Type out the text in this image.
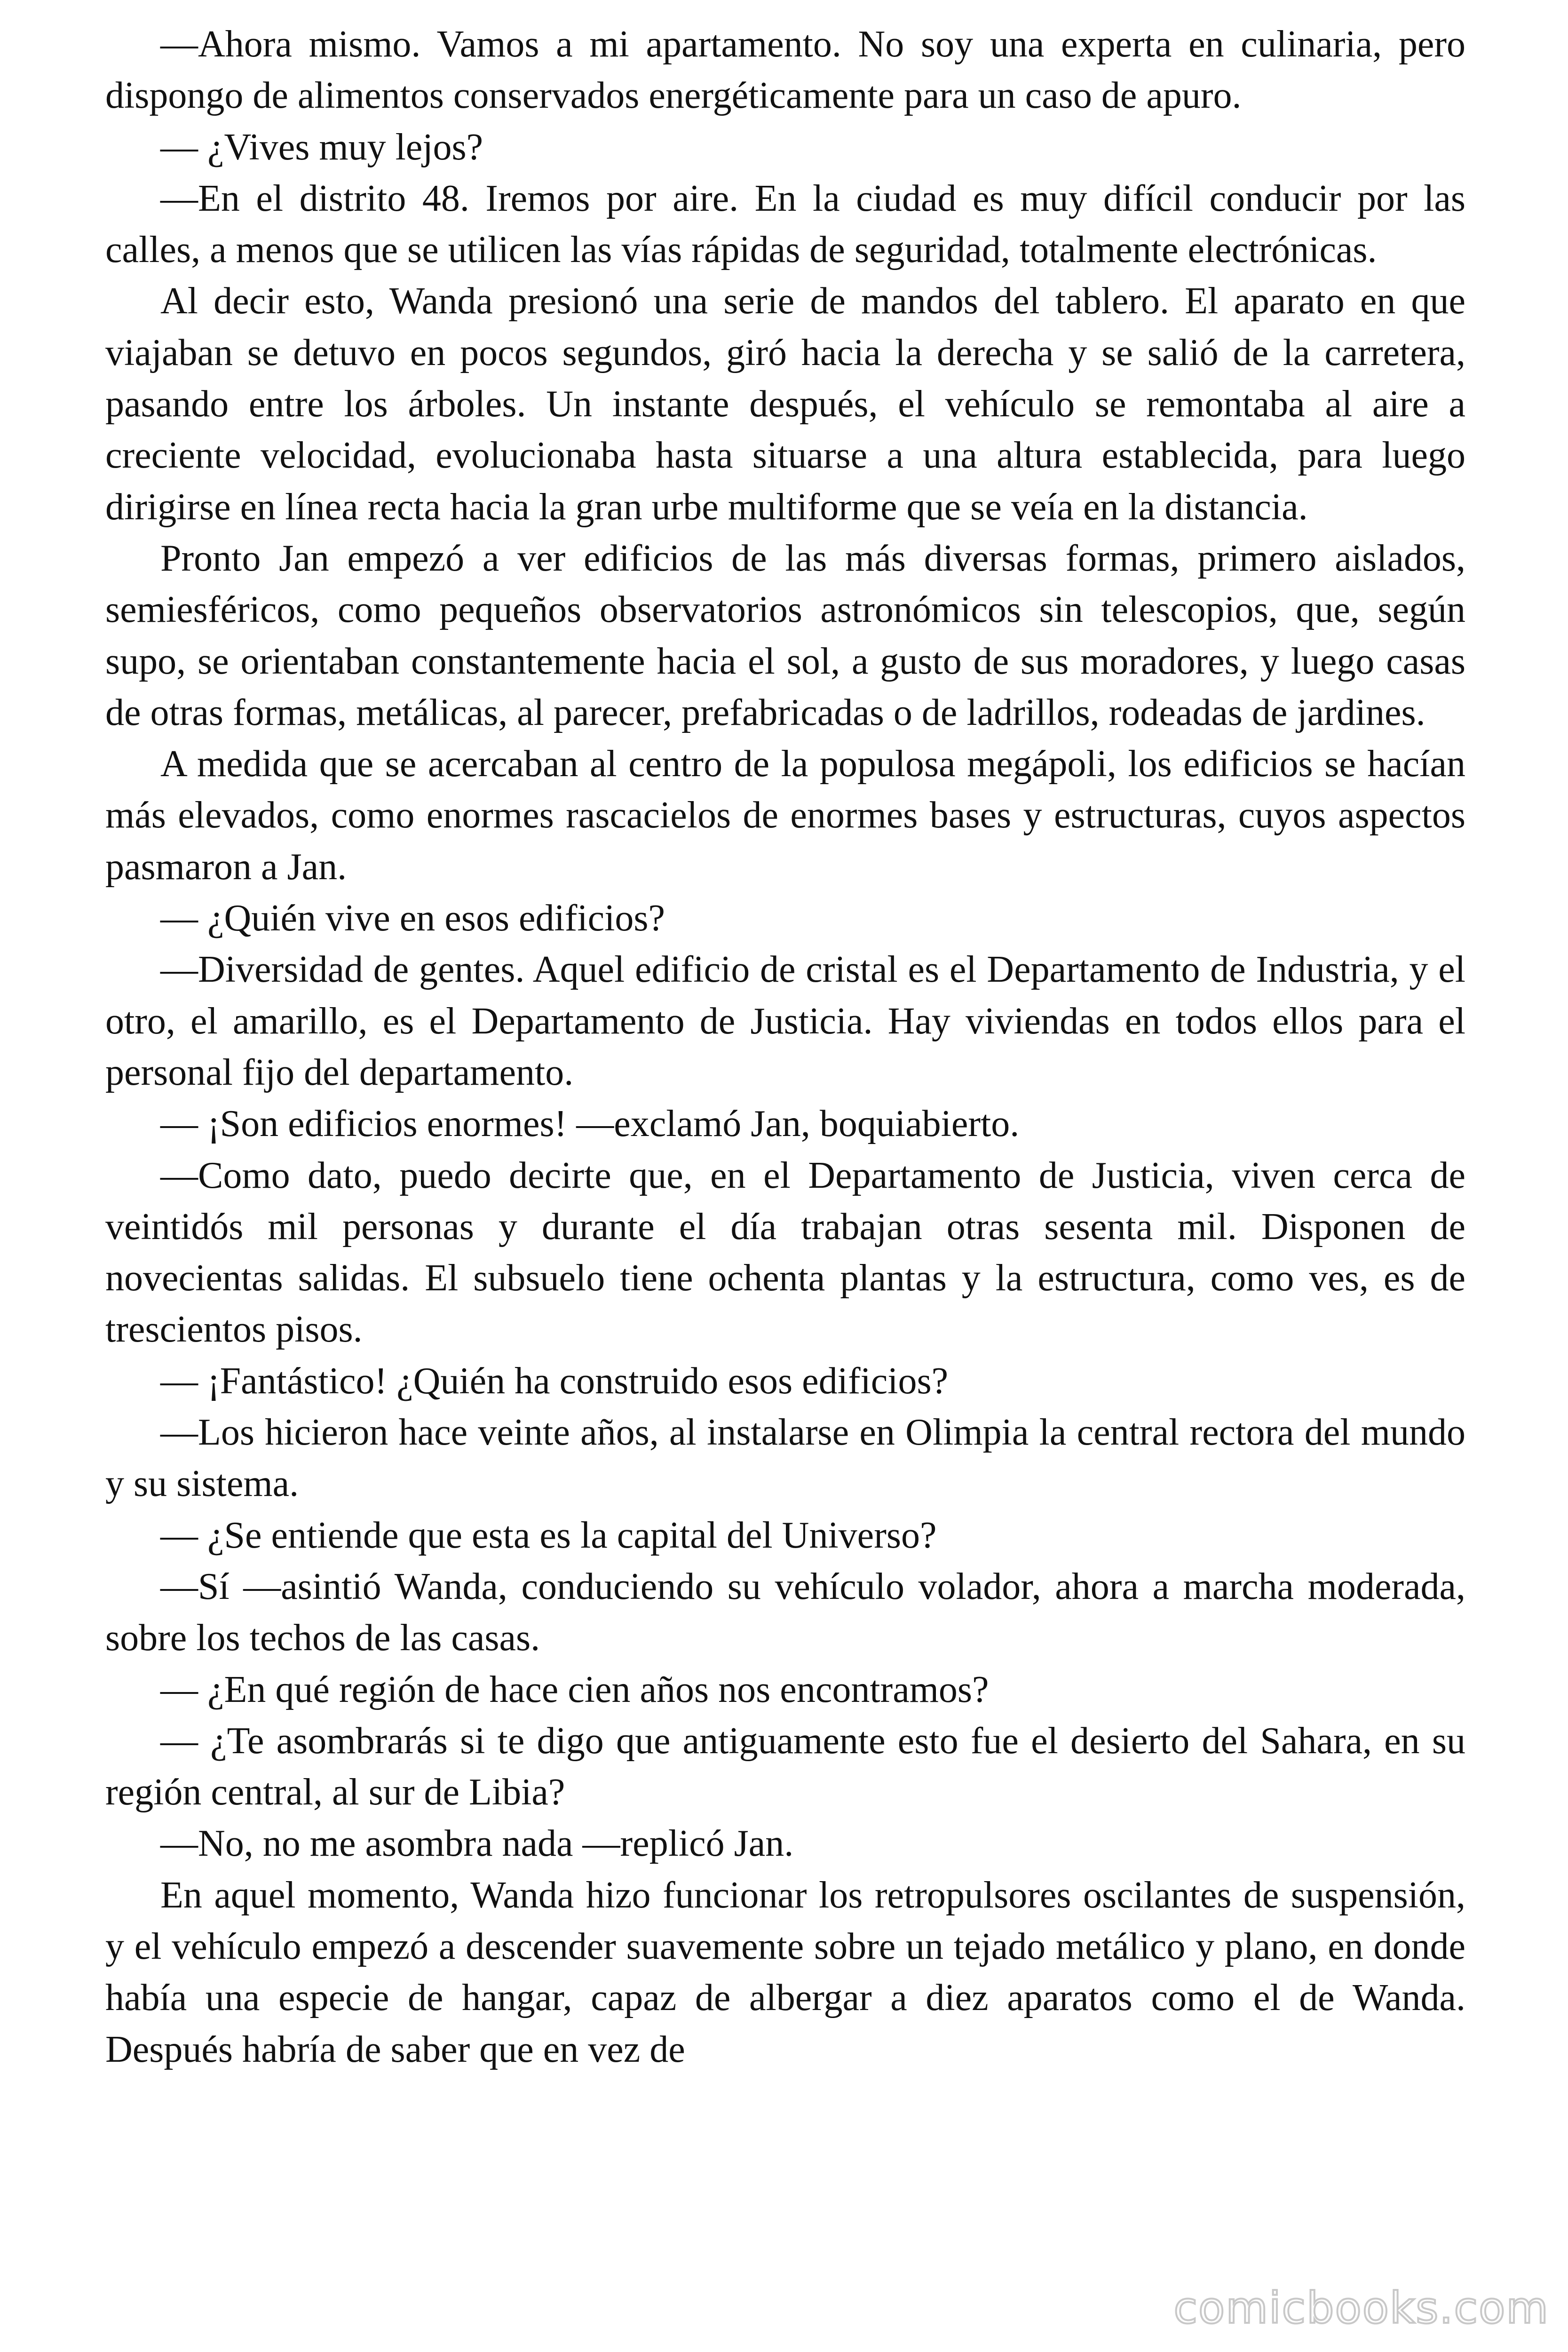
—Ahora mismo. Vamos a mi apartamento. No soy una experta en culinaria, pero dispongo de alimentos conservados energéticamente para un caso de apuro.

— ¿Vives muy lejos?

—En el distrito 48. Iremos por aire. En la ciudad es muy difícil conducir por las calles, a menos que se utilicen las vías rápidas de seguridad, totalmente electrónicas.

Al decir esto, Wanda presionó una serie de mandos del tablero. El aparato en que viajaban se detuvo en pocos segundos, giró hacia la derecha y se salió de la carretera, pasando entre los árboles. Un instante después, el vehículo se remontaba al aire a creciente velocidad, evolucionaba hasta situarse a una altura establecida, para luego dirigirse en línea recta hacia la gran urbe multiforme que se veía en la distancia.

Pronto Jan empezó a ver edificios de las más diversas formas, primero aislados, semiesféricos, como pequeños observatorios astronómicos sin telescopios, que, según supo, se orientaban constantemente hacia el sol, a gusto de sus moradores, y luego casas de otras formas, metálicas, al parecer, prefabricadas o de ladrillos, rodeadas de jardines.

A medida que se acercaban al centro de la populosa megápoli, los edificios se hacían más elevados, como enormes rascacielos de enormes bases y estructuras, cuyos aspectos pasmaron a Jan.

— ¿Quién vive en esos edificios?

—Diversidad de gentes. Aquel edificio de cristal es el Departamento de Industria, y el otro, el amarillo, es el Departamento de Justicia. Hay viviendas en todos ellos para el personal fijo del departamento.

— ¡Son edificios enormes! —exclamó Jan, boquiabierto.

—Como dato, puedo decirte que, en el Departamento de Justicia, viven cerca de veintidós mil personas y durante el día trabajan otras sesenta mil. Disponen de novecientas salidas. El subsuelo tiene ochenta plantas y la estructura, como ves, es de trescientos pisos.

— ¡Fantástico! ¿Quién ha construido esos edificios?

—Los hicieron hace veinte años, al instalarse en Olimpia la central rectora del mundo y su sistema.

— ¿Se entiende que esta es la capital del Universo?

—Sí —asintió Wanda, conduciendo su vehículo volador, ahora a marcha moderada, sobre los techos de las casas.

— ¿En qué región de hace cien años nos encontramos?

— ¿Te asombrarás si te digo que antiguamente esto fue el desierto del Sahara, en su región central, al sur de Libia?

—No, no me asombra nada —replicó Jan.

En aquel momento, Wanda hizo funcionar los retropulsores oscilantes de suspensión, y el vehículo empezó a descender suavemente sobre un tejado metálico y plano, en donde había una especie de hangar, capaz de albergar a diez aparatos como el de Wanda. Después habría de saber que en vez de

comicbooks.com
